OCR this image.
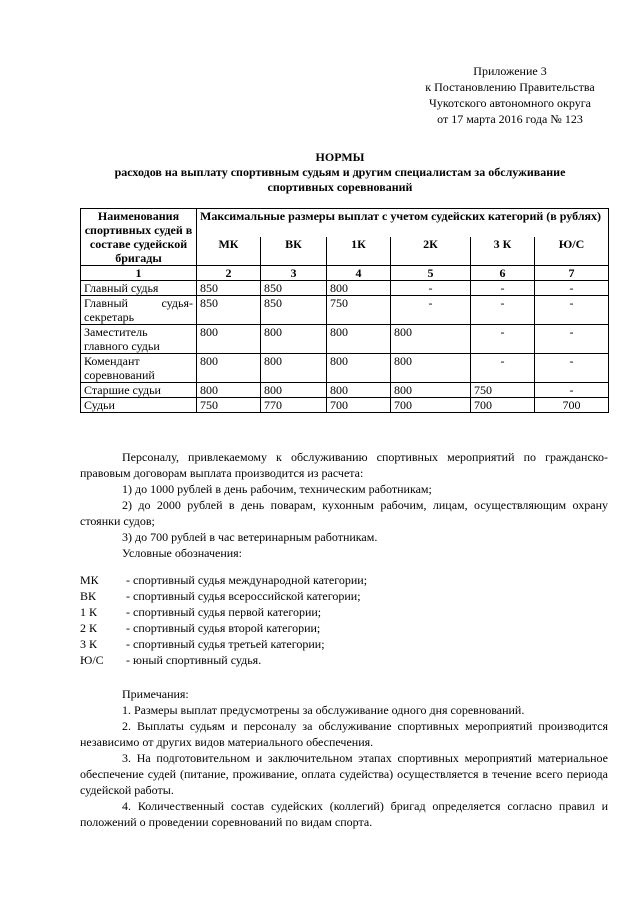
Приложение 3
к Постановлению Правительства
Чукотского автономного округа
от 17 марта 2016 года № 123
НОРМЫ
расходов на выплату спортивным судьям и другим специалистам за обслуживание
спортивных соревнований
Наименования спортивных судей в составе судейской бригады	Максимальные размеры выплат с учетом судейских категорий (в рублях)					
	МК	ВК	1К	2К	3 К	Ю/С
1	2	3	4	5	6	7
Главный судья	850	850	800	-	-	-
Главный судья-секретарь	850	850	750	-	-	-
Заместитель главного судьи	800	800	800	800	-	-
Комендант соревнований	800	800	800	800	-	-
Старшие судьи	800	800	800	800	750	-
Судьи	750	770	700	700	700	700
Персоналу, привлекаемому к обслуживанию спортивных мероприятий по гражданско-правовым договорам выплата производится из расчета:
1) до 1000 рублей в день рабочим, техническим работникам;
2) до 2000 рублей в день поварам, кухонным рабочим, лицам, осуществляющим охрану стоянки судов;
3) до 700 рублей в час ветеринарным работникам.
Условные обозначения:
МК	- спортивный судья международной категории;
ВК	- спортивный судья всероссийской категории;
1 К	- спортивный судья первой категории;
2 К	- спортивный судья второй категории;
3 К	- спортивный судья третьей категории;
Ю/С	- юный спортивный судья.
Примечания:
1. Размеры выплат предусмотрены за обслуживание одного дня соревнований.
2. Выплаты судьям и персоналу за обслуживание спортивных мероприятий производится независимо от других видов материального обеспечения.
3. На подготовительном и заключительном этапах спортивных мероприятий материальное обеспечение судей (питание, проживание, оплата судейства) осуществляется в течение всего периода судейской работы.
4. Количественный состав судейских (коллегий) бригад определяется согласно правил и положений о проведении соревнований по видам спорта.
